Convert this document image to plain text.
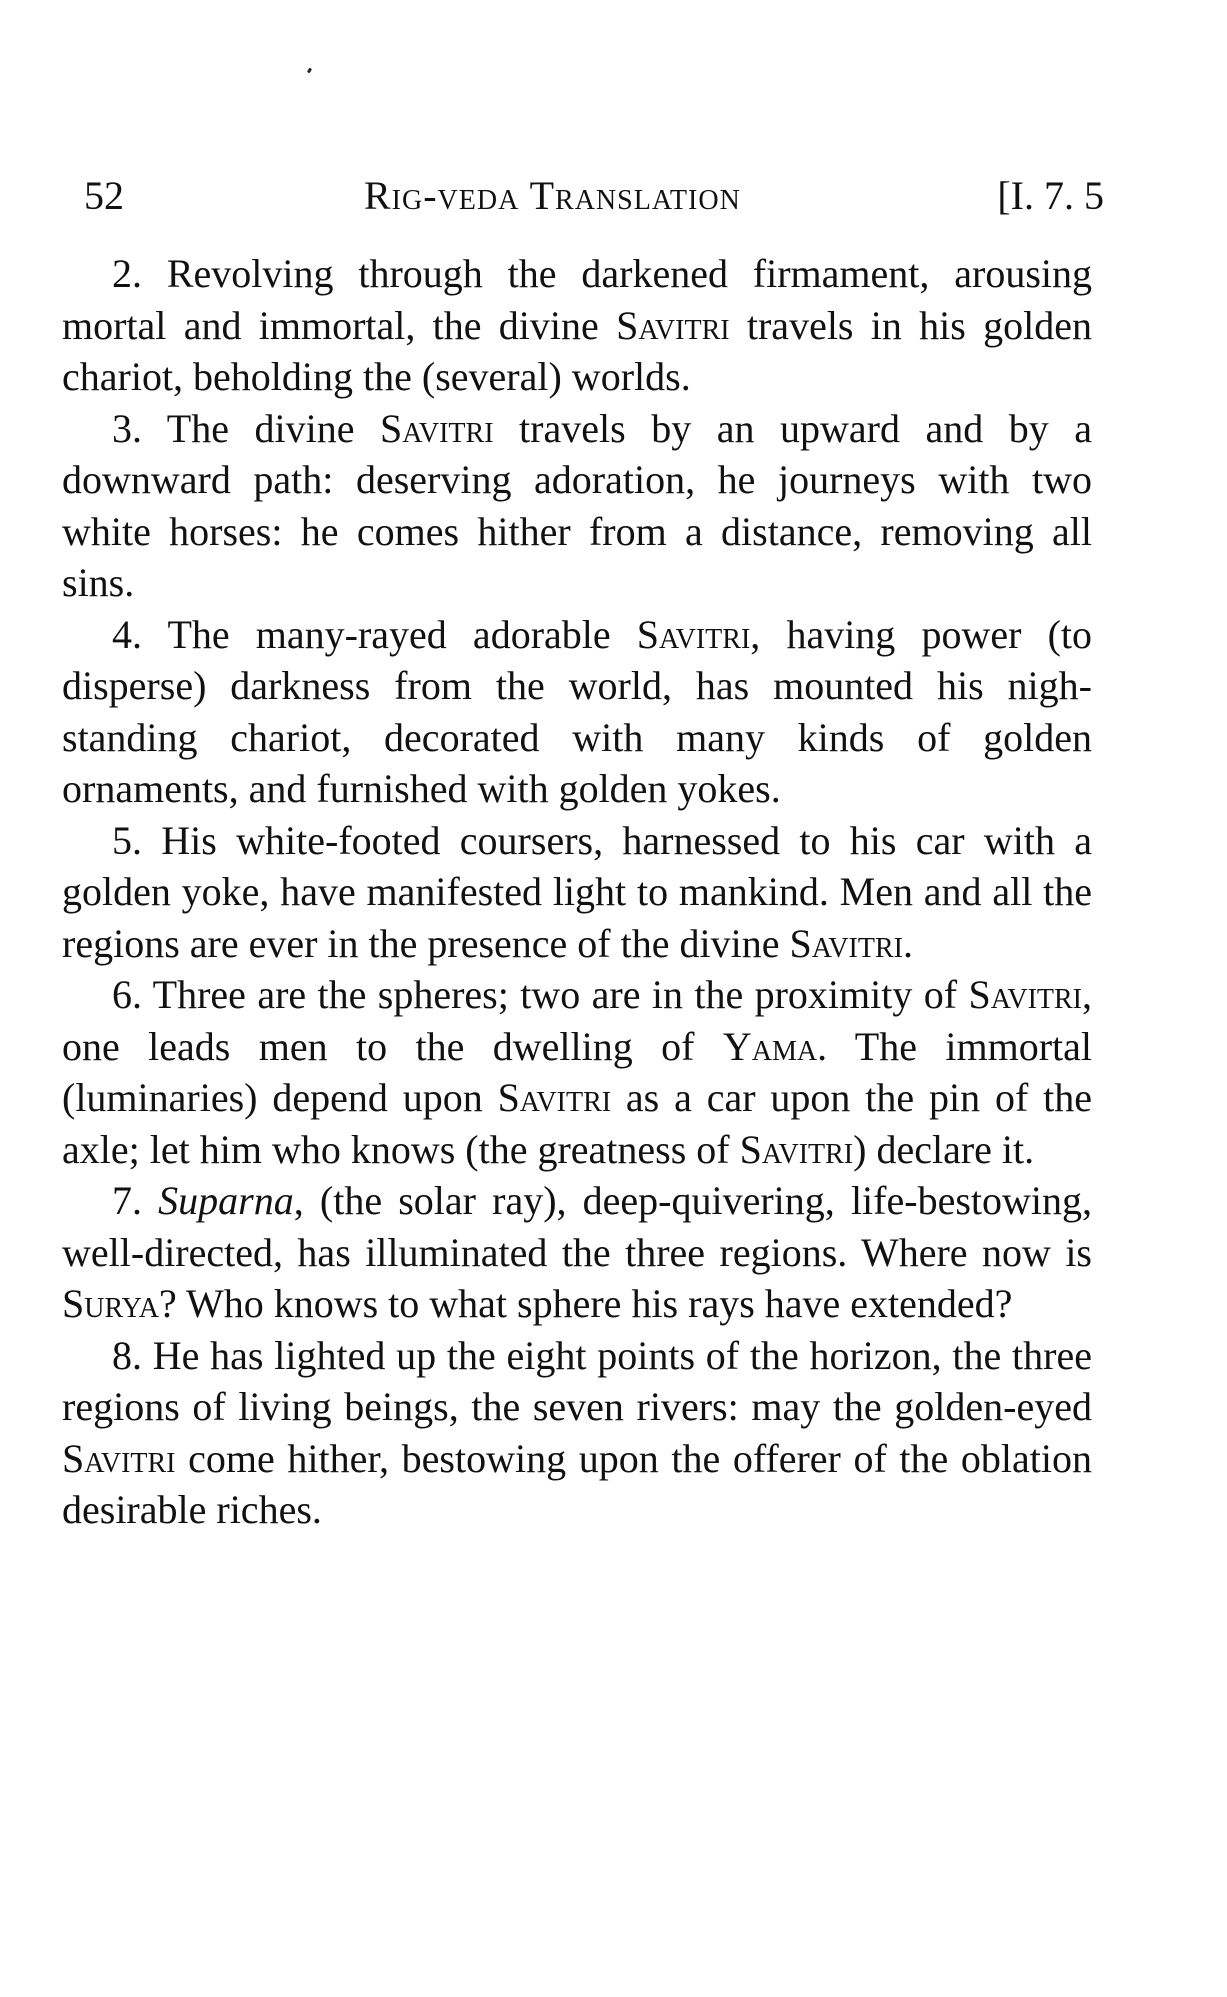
52	Rig-veda Translation	[I. 7. 5

2. Revolving through the darkened firmament, arousing mortal and immortal, the divine Savitri travels in his golden chariot, beholding the (several) worlds.

3. The divine Savitri travels by an upward and by a downward path: deserving adoration, he journeys with two white horses: he comes hither from a distance, removing all sins.

4. The many-rayed adorable Savitri, having power (to disperse) darkness from the world, has mounted his nigh-standing chariot, decorated with many kinds of golden ornaments, and furnished with golden yokes.

5. His white-footed coursers, harnessed to his car with a golden yoke, have manifested light to mankind. Men and all the regions are ever in the presence of the divine Savitri.

6. Three are the spheres; two are in the proximity of Savitri, one leads men to the dwelling of Yama. The immortal (luminaries) depend upon Savitri as a car upon the pin of the axle; let him who knows (the greatness of Savitri) declare it.

7. Suparna, (the solar ray), deep-quivering, life-bestowing, well-directed, has illuminated the three regions. Where now is Surya? Who knows to what sphere his rays have extended?

8. He has lighted up the eight points of the horizon, the three regions of living beings, the seven rivers: may the golden-eyed Savitri come hither, bestowing upon the offerer of the oblation desirable riches.
